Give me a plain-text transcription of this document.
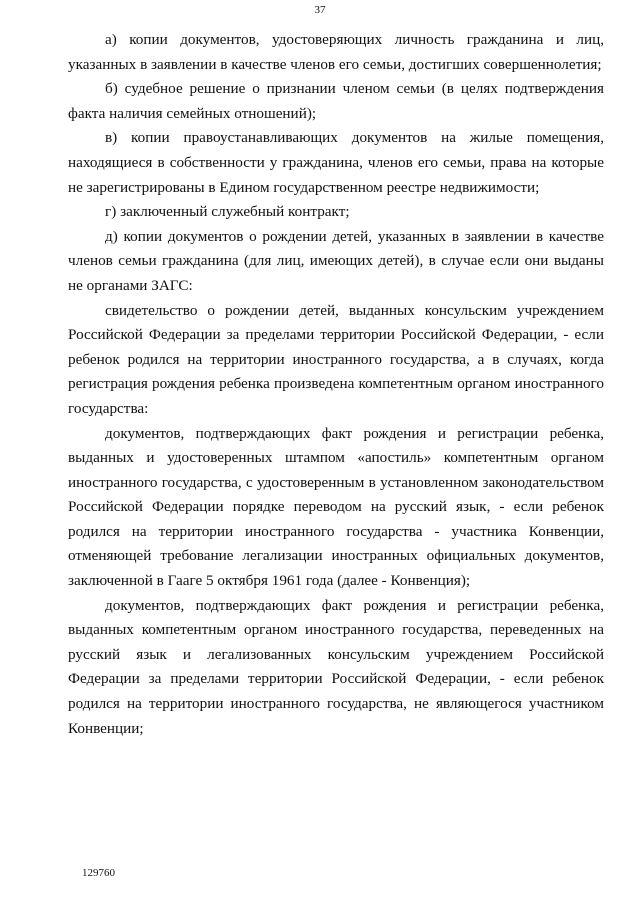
37

а) копии документов, удостоверяющих личность гражданина и лиц, указанных в заявлении в качестве членов его семьи, достигших совершеннолетия;

б) судебное решение о признании членом семьи (в целях подтверждения факта наличия семейных отношений);

в) копии правоустанавливающих документов на жилые помещения, находящиеся в собственности у гражданина, членов его семьи, права на которые не зарегистрированы в Едином государственном реестре недвижимости;

г) заключенный служебный контракт;

д) копии документов о рождении детей, указанных в заявлении в качестве членов семьи гражданина (для лиц, имеющих детей), в случае если они выданы не органами ЗАГС:

свидетельство о рождении детей, выданных консульским учреждением Российской Федерации за пределами территории Российской Федерации, - если ребенок родился на территории иностранного государства, а в случаях, когда регистрация рождения ребенка произведена компетентным органом иностранного государства:

документов, подтверждающих факт рождения и регистрации ребенка, выданных и удостоверенных штампом «апостиль» компетентным органом иностранного государства, с удостоверенным в установленном законодательством Российской Федерации порядке переводом на русский язык, - если ребенок родился на территории иностранного государства - участника Конвенции, отменяющей требование легализации иностранных официальных документов, заключенной в Гааге 5 октября 1961 года (далее - Конвенция);

документов, подтверждающих факт рождения и регистрации ребенка, выданных компетентным органом иностранного государства, переведенных на русский язык и легализованных консульским учреждением Российской Федерации за пределами территории Российской Федерации, - если ребенок родился на территории иностранного государства, не являющегося участником Конвенции;

129760
